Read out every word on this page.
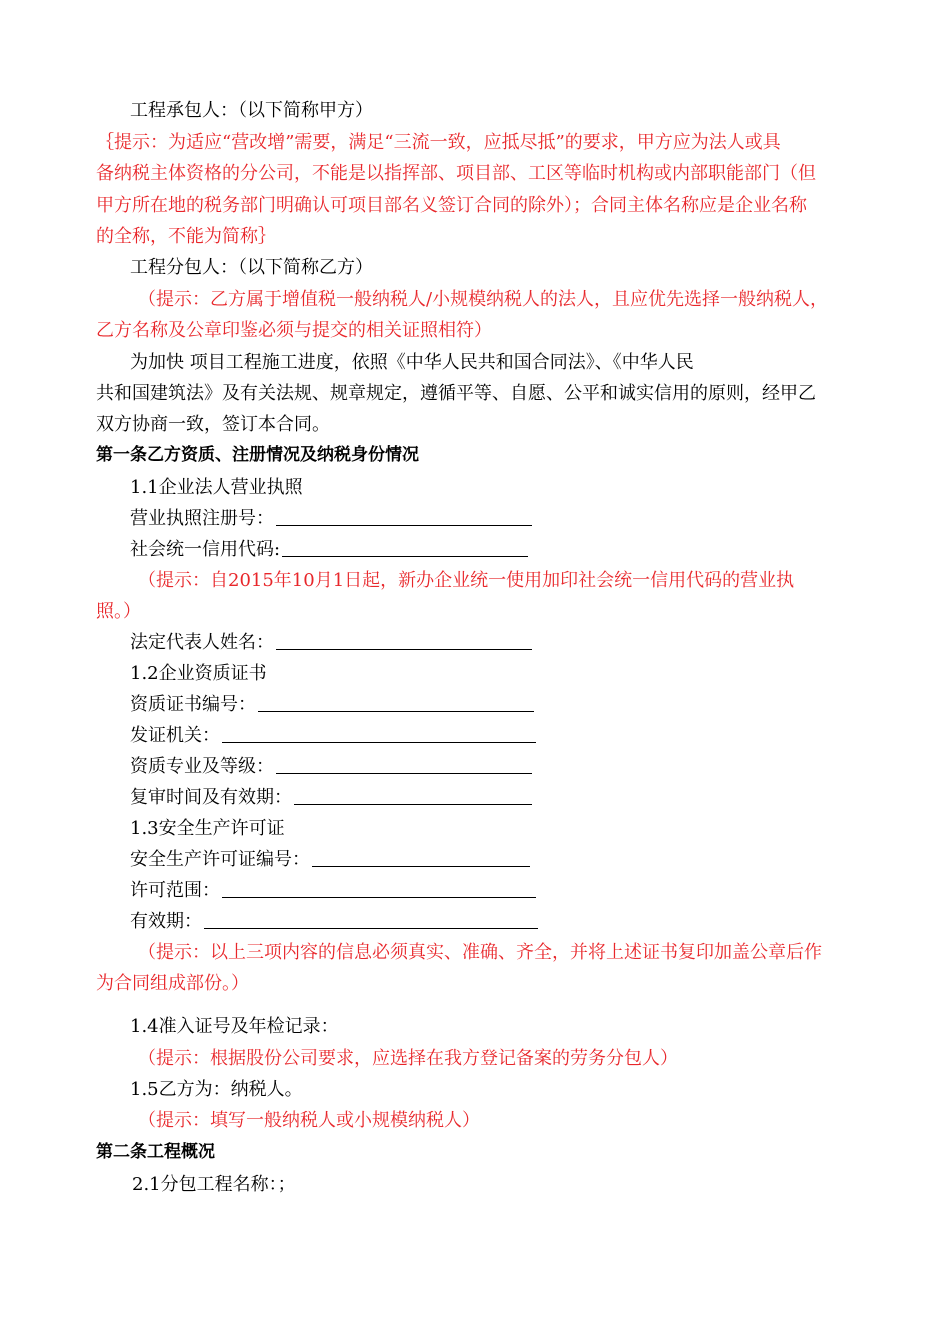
工程承包人：（以下简称甲方）
｛提示：为适应“营改增”需要，满足“三流一致，应抵尽抵”的要求，甲方应为法人或具
备纳税主体资格的分公司，不能是以指挥部、项目部、工区等临时机构或内部职能部门（但
甲方所在地的税务部门明确认可项目部名义签订合同的除外）；合同主体名称应是企业名称
的全称，不能为简称｝
工程分包人：（以下简称乙方）
（提示：乙方属于增值税一般纳税人/小规模纳税人的法人，且应优先选择一般纳税人，
乙方名称及公章印鉴必须与提交的相关证照相符）
为加快 项目工程施工进度，依照《中华人民共和国合同法》、《中华人民
共和国建筑法》及有关法规、规章规定，遵循平等、自愿、公平和诚实信用的原则，经甲乙
双方协商一致，签订本合同。
第一条乙方资质、注册情况及纳税身份情况
1.1企业法人营业执照
营业执照注册号：
社会统一信用代码:
（提示：自2015年10月1日起，新办企业统一使用加印社会统一信用代码的营业执
照。）
法定代表人姓名：
1.2企业资质证书
资质证书编号：
发证机关：
资质专业及等级：
复审时间及有效期：
1.3安全生产许可证
安全生产许可证编号：
许可范围：
有效期：
（提示：以上三项内容的信息必须真实、准确、齐全，并将上述证书复印加盖公章后作
为合同组成部份。）
1.4准入证号及年检记录：
（提示：根据股份公司要求，应选择在我方登记备案的劳务分包人）
1.5乙方为：纳税人。
（提示：填写一般纳税人或小规模纳税人）
第二条工程概况
2.1分包工程名称：；
